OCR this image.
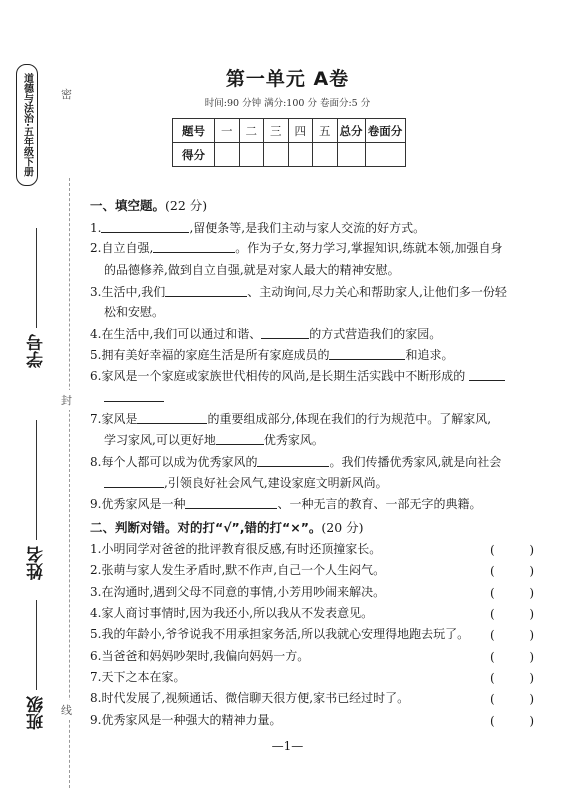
道德与法治·五年级下册	密
封
线
学号
姓名
班级
第一单元 A卷
时间:90 分钟 满分:100 分 卷面分:5 分
题号	一	二	三	四	五	总分	卷面分
得分							
一、填空题。(22 分)
1.	,留便条等,是我们主动与家人交流的好方式。
2.自立自强,	。作为子女,努力学习,掌握知识,练就本领,加强自身
的品德修养,做到自立自强,就是对家人最大的精神安慰。
3.生活中,我们	、主动询问,尽力关心和帮助家人,让他们多一份轻
松和安慰。
4.在生活中,我们可以通过和谐、	的方式营造我们的家园。
5.拥有美好幸福的家庭生活是所有家庭成员的	和追求。
6.家风是一个家庭或家族世代相传的风尚,是长期生活实践中不断形成的
7.家风是	的重要组成部分,体现在我们的行为规范中。了解家风,
学习家风,可以更好地	优秀家风。
8.每个人都可以成为优秀家风的	。我们传播优秀家风,就是向社会
,引领良好社会风气,建设家庭文明新风尚。
9.优秀家风是一种	、一种无言的教育、一部无字的典籍。
二、判断对错。对的打“√”,错的打“×”。(20 分)
1.小明同学对爸爸的批评教育很反感,有时还顶撞家长。	(	)
2.张萌与家人发生矛盾时,默不作声,自己一个人生闷气。	(	)
3.在沟通时,遇到父母不同意的事情,小芳用吵闹来解决。	(	)
4.家人商讨事情时,因为我还小,所以我从不发表意见。	(	)
5.我的年龄小,爷爷说我不用承担家务活,所以我就心安理得地跑去玩了。	(	)
6.当爸爸和妈妈吵架时,我偏向妈妈一方。	(	)
7.天下之本在家。	(	)
8.时代发展了,视频通话、微信聊天很方便,家书已经过时了。	(	)
9.优秀家风是一种强大的精神力量。	(	)
—1—
